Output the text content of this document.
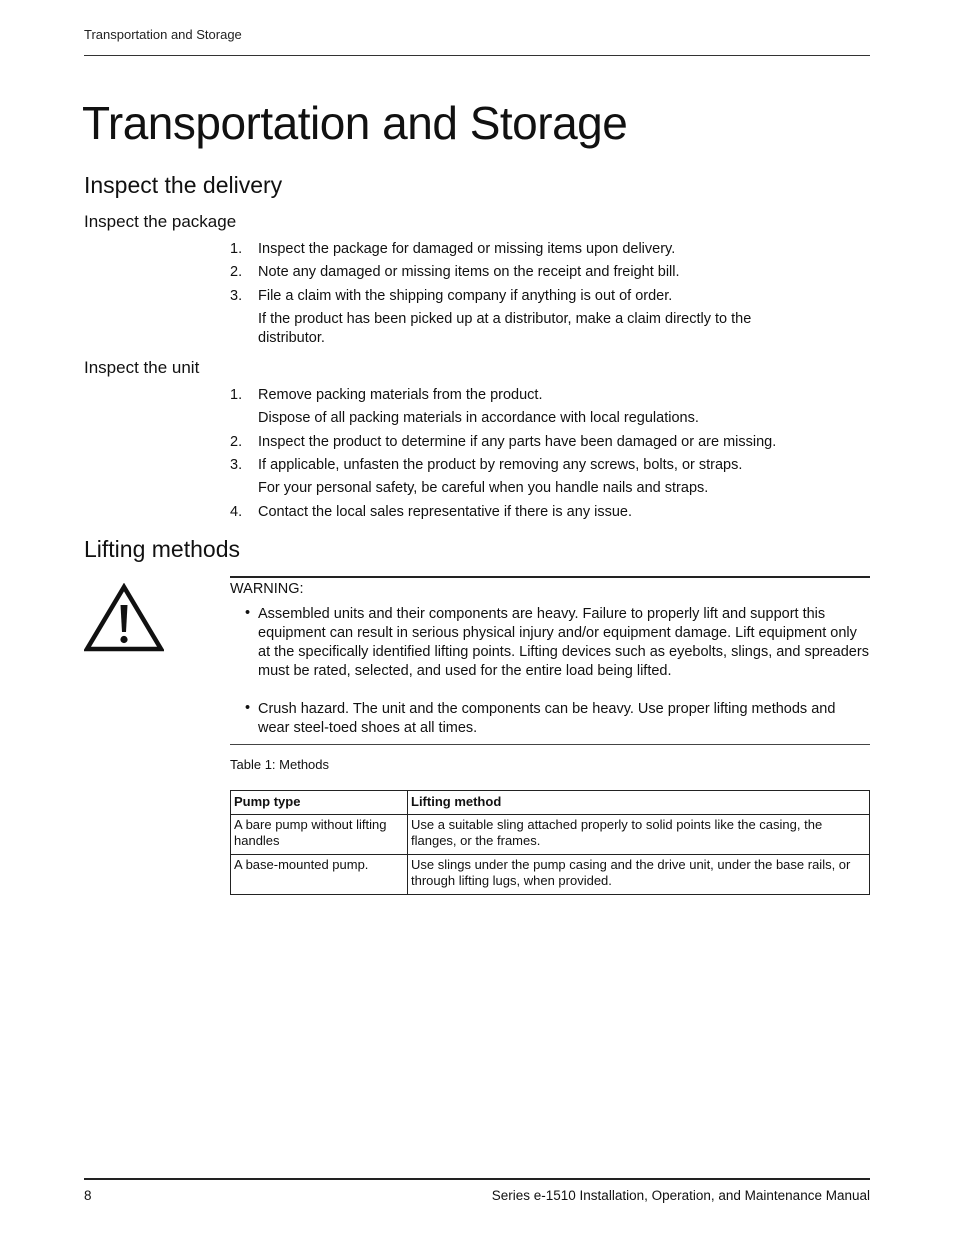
Transportation and Storage
Transportation and Storage
Inspect the delivery
Inspect the package
1. Inspect the package for damaged or missing items upon delivery.
2. Note any damaged or missing items on the receipt and freight bill.
3. File a claim with the shipping company if anything is out of order.
If the product has been picked up at a distributor, make a claim directly to the distributor.
Inspect the unit
1. Remove packing materials from the product.
Dispose of all packing materials in accordance with local regulations.
2. Inspect the product to determine if any parts have been damaged or are missing.
3. If applicable, unfasten the product by removing any screws, bolts, or straps.
For your personal safety, be careful when you handle nails and straps.
4. Contact the local sales representative if there is any issue.
Lifting methods
WARNING:
• Assembled units and their components are heavy. Failure to properly lift and support this equipment can result in serious physical injury and/or equipment damage. Lift equipment only at the specifically identified lifting points. Lifting devices such as eyebolts, slings, and spreaders must be rated, selected, and used for the entire load being lifted.
• Crush hazard. The unit and the components can be heavy. Use proper lifting methods and wear steel-toed shoes at all times.
Table 1: Methods
Pump type	Lifting method
A bare pump without lifting handles	Use a suitable sling attached properly to solid points like the casing, the flanges, or the frames.
A base-mounted pump.	Use slings under the pump casing and the drive unit, under the base rails, or through lifting lugs, when provided.
8	Series e-1510 Installation, Operation, and Maintenance Manual
